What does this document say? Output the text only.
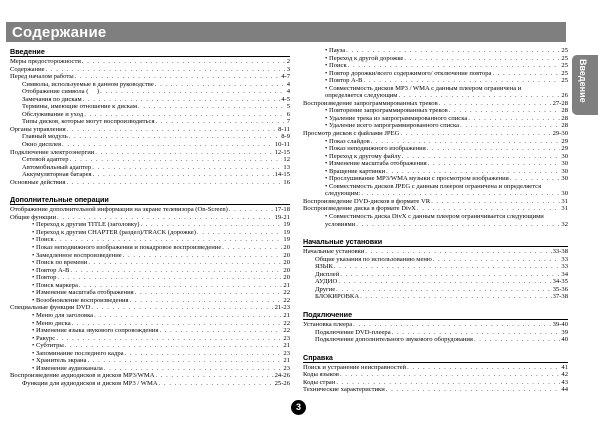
Содержание
Введение
Введение
Меры предосторожности . . .	2
Содержание . . .	3
Перед началом работы . . .	4-7
Символы, используемые в данном руководстве . . .	4
Отображение символа ( ⃠ ) . . .	4
Замечания по дискам . . .	4-5
Термины, имеющие отношение к дискам . . .	5
Обслуживание и уход . . .	6
Типы дисков, которые могут воспроизводиться . . .	7
Органы управления . . .	8-11
Главный модуль . . .	8-9
Окно дисплея . . .	10-11
Подключение электроэнергии . . .	12-15
Сетевой адаптер . . .	12
Автомобильный адаптер . . .	13
Аккумуляторная батарея . . .	14-15
Основные действия . . .	16
Дополнительные операции
Отображение дополнительной информации на экране телевизора (On-Screen) . . .	17-18
Общие функции . . .	19-21
• Переход к другим TITLE (заголовку) . . .	19
• Переход к другим CHAPTER (раздел)/TRACK (дорожке) . . .	19
• Поиск . . .	19
• Показ неподвижного изображения и покадровое воспроизведение . . .	20
• Замедленное воспроизведение . . .	20
• Поиск по времени . . .	20
• Повтор A-B . . .	20
• Повтор . . .	20
• Поиск маркера . . .	21
• Изменение масштаба отображения . . .	22
• Возобновление воспроизведения . . .	22
Специальные функции DVD . . .	21-23
• Меню для заголовка . . .	21
• Меню диска . . .	22
• Изменение языка звукового сопровождения . . .	22
• Ракурс . . .	23
• Субтитры . . .	21
• Запоминание последнего кадра . . .	23
• Хранитель экрана . . .	21
• Изменение аудиоканала . . .	23
Воспроизведение аудиодисков и дисков MP3/WMA . . .	24-26
Функции для аудиодисков и дисков MP3 / WMA . . .	25-26
• Пауза . . .	25
• Переход к другой дорожке . . .	25
• Поиск . . .	25
• Повтор дорожки/всего содержимого/ отключение повтора . . .	25
• Повтор A-B . . .	25
• Совместимость дисков MP3 / WMA с данным плеером ограничена и
определяется следующим . . .	26
Воспроизведение запрограммированных треков . . .	27-28
• Повторение запрограммированных треков . . .	28
• Удаление трека из запрограммированного списка . . .	28
• Удаление всего запрограммированного списка . . .	28
Просмотр дисков с файлами JPEG . . .	29-30
• Показ слайдов . . .	29
• Показ неподвижного изображения . . .	29
• Переход к другому файлу . . .	30
• Изменение масштаба отображения . . .	30
• Вращение картинки . . .	30
• Прослушивание MP3/WMA музыки с просмотром изображения . . .	30
• Совместимость дисков JPEG с данным плеером ограничена и определяется
следующим: . . .	30
Воспроизведение DVD-дисков в формате VR . . .	31
Воспроизведение диска в формате DivX . . .	31
• Совместимость диска DivX с данным плеером ограничивается следующими
условиями . . .	32
Начальные установки
Начальные установки . . .	33-38
Общие указания по использованию меню . . .	33
ЯЗЫК . . .	33
Дисплей . . .	34
АУДИО . . .	34-35
Другие . . .	35-36
БЛОКИРОВКА . . .	37-38
Подключение
Установка плеера . . .	39-40
Подключение DVD-плеера . . .	39
Подключение дополнительного звукового оборудования . . .	40
Справка
Поиск и устранение неисправностей . . .	41
Коды языков . . .	42
Коды стран . . .	43
Технические характеристики . . .	44
3
